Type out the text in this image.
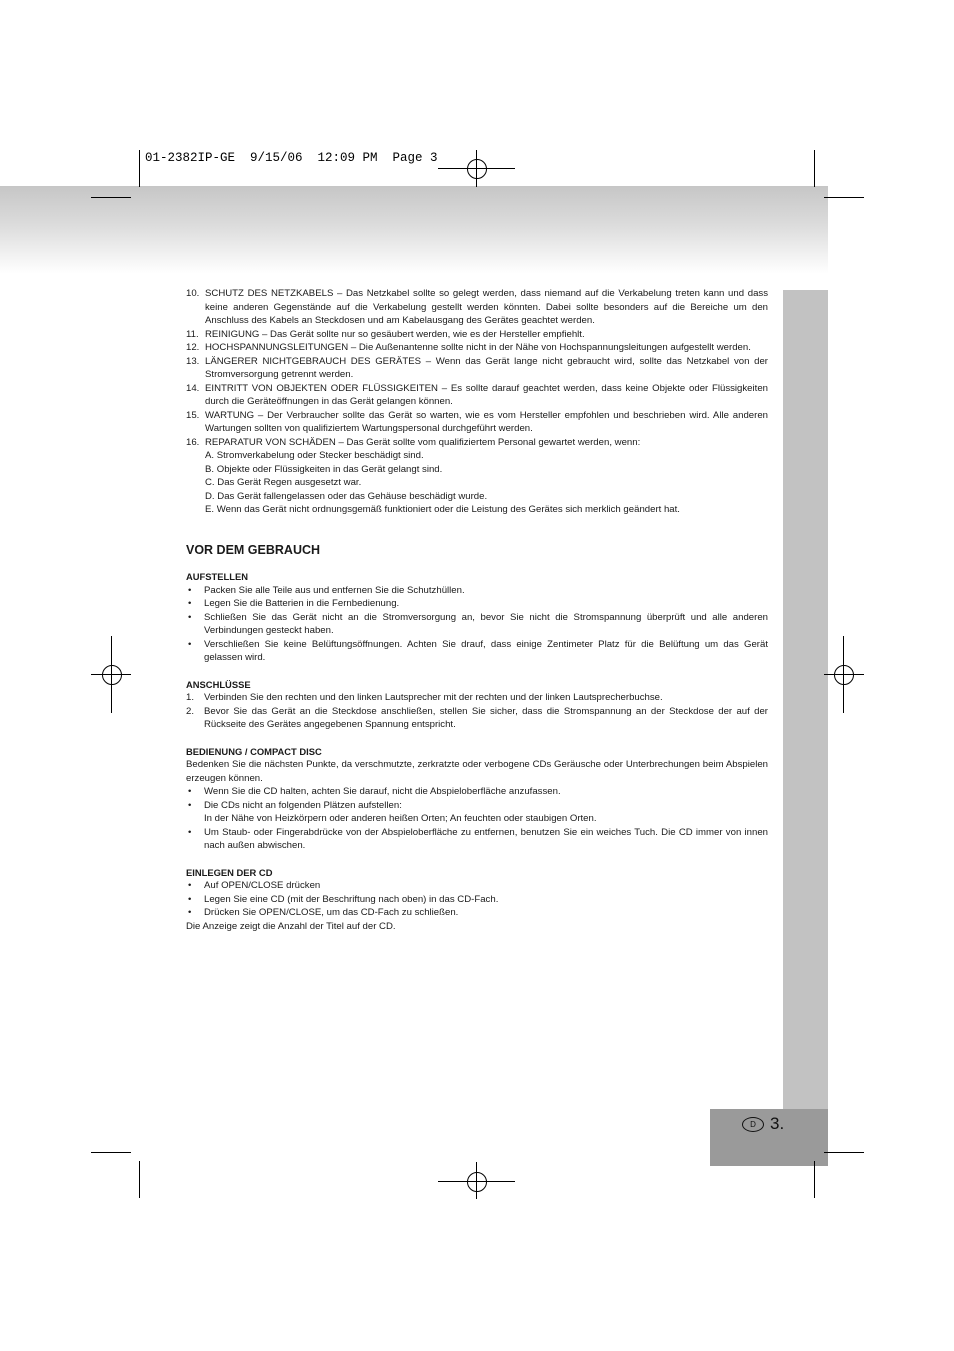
D 3.
01-2382IP-GE  9/15/06  12:09 PM  Page 3
10. SCHUTZ DES NETZKABELS – Das Netzkabel sollte so gelegt werden, dass niemand auf die Verkabelung treten kann und dass keine anderen Gegenstände auf die Verkabelung gestellt werden könnten. Dabei sollte besonders auf die Bereiche um den Anschluss des Kabels an Steckdosen und am Kabelausgang des Gerätes geachtet werden.
11. REINIGUNG – Das Gerät sollte nur so gesäubert werden, wie es der Hersteller empfiehlt.
12. HOCHSPANNUNGSLEITUNGEN – Die Außenantenne sollte nicht in der Nähe von Hochspannungsleitungen aufgestellt werden.
13. LÄNGERER NICHTGEBRAUCH DES GERÄTES – Wenn das Gerät lange nicht gebraucht wird, sollte das Netzkabel von der Stromversorgung getrennt werden.
14. EINTRITT VON OBJEKTEN ODER FLÜSSIGKEITEN – Es sollte darauf geachtet werden, dass keine Objekte oder Flüssigkeiten durch die Geräteöffnungen in das Gerät gelangen können.
15. WARTUNG – Der Verbraucher sollte das Gerät so warten, wie es vom Hersteller empfohlen und beschrieben wird. Alle anderen Wartungen sollten von qualifiziertem Wartungspersonal durchgeführt werden.
16. REPARATUR VON SCHÄDEN – Das Gerät sollte vom qualifiziertem Personal gewartet werden, wenn:
A. Stromverkabelung oder Stecker beschädigt sind.
B. Objekte oder Flüssigkeiten in das Gerät gelangt sind.
C. Das Gerät Regen ausgesetzt war.
D. Das Gerät fallengelassen oder das Gehäuse beschädigt wurde.
E. Wenn das Gerät nicht ordnungsgemäß funktioniert oder die Leistung des Gerätes sich merklich geändert hat.
VOR DEM GEBRAUCH
AUFSTELLEN
•	Packen Sie alle Teile aus und entfernen Sie die Schutzhüllen.
•	Legen Sie die Batterien in die Fernbedienung.
•	Schließen Sie das Gerät nicht an die Stromversorgung an, bevor Sie nicht die Stromspannung überprüft und alle anderen Verbindungen gesteckt haben.
•	Verschließen Sie keine Belüftungsöffnungen. Achten Sie drauf, dass einige Zentimeter Platz für die Belüftung um das Gerät gelassen wird.
ANSCHLÜSSE
1.	Verbinden Sie den rechten und den linken Lautsprecher mit der rechten und der linken Lautsprecherbuchse.
2.	Bevor Sie das Gerät an die Steckdose anschließen, stellen Sie sicher, dass die Stromspannung an der Steckdose der auf der Rückseite des Gerätes angegebenen Spannung entspricht.
BEDIENUNG / COMPACT DISC
Bedenken Sie die nächsten Punkte, da verschmutzte, zerkratzte oder verbogene CDs Geräusche oder Unterbrechungen beim Abspielen erzeugen können.
•	Wenn Sie die CD halten, achten Sie darauf, nicht die Abspieloberfläche anzufassen.
•	Die CDs nicht an folgenden Plätzen aufstellen:
In der Nähe von Heizkörpern oder anderen heißen Orten; An feuchten oder staubigen Orten.
•	Um Staub- oder Fingerabdrücke von der Abspieloberfläche zu entfernen, benutzen Sie ein weiches Tuch. Die CD immer von innen nach außen abwischen.
EINLEGEN DER CD
•	Auf OPEN/CLOSE drücken
•	Legen Sie eine CD (mit der Beschriftung nach oben) in das CD-Fach.
•	Drücken Sie OPEN/CLOSE, um das CD-Fach zu schließen.
Die Anzeige zeigt die Anzahl der Titel auf der CD.
